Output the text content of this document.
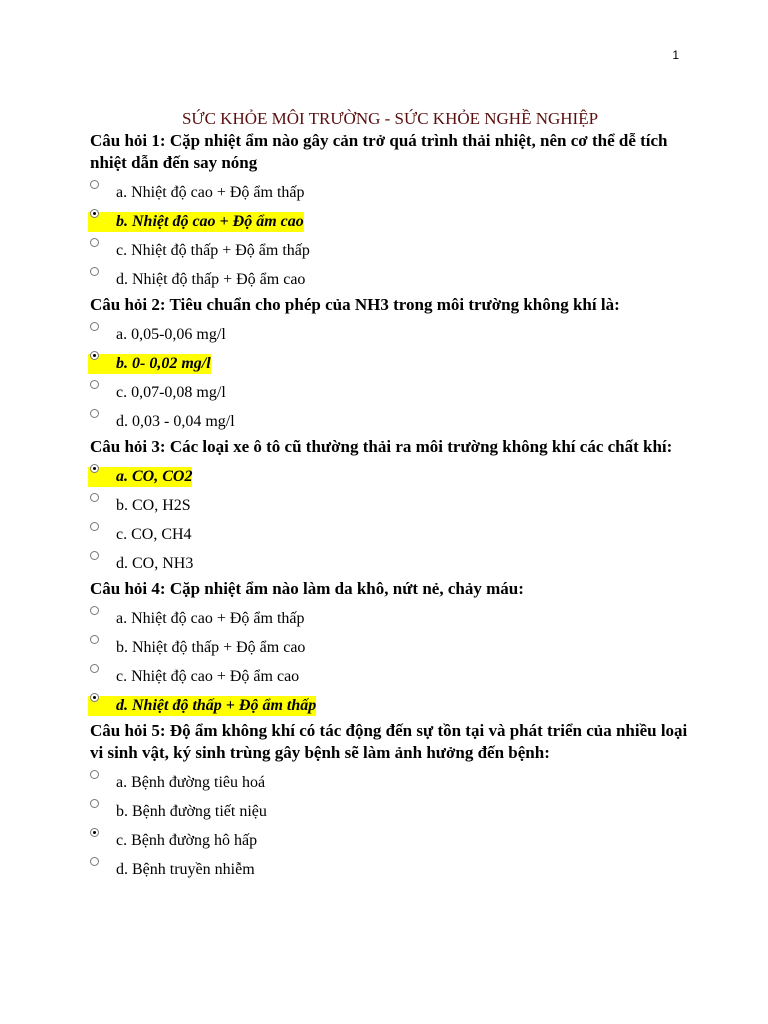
1
SỨC KHỎE MÔI TRƯỜNG - SỨC KHỎE NGHỀ NGHIỆP

Câu hỏi 1: Cặp nhiệt ẩm nào gây cản trở quá trình thải nhiệt, nên cơ thể dễ tích nhiệt dẫn đến say nóng

a. Nhiệt độ cao + Độ ẩm thấp
b. Nhiệt độ cao + Độ ẩm cao
c. Nhiệt độ thấp + Độ ẩm thấp
d. Nhiệt độ thấp + Độ ẩm cao

Câu hỏi 2: Tiêu chuẩn cho phép của NH3 trong môi trường không khí là:

a. 0,05-0,06 mg/l
b. 0- 0,02 mg/l
c. 0,07-0,08 mg/l
d. 0,03 - 0,04 mg/l

Câu hỏi 3: Các loại xe ô tô cũ thường thải ra môi trường không khí các chất khí:

a. CO, CO2
b. CO, H2S
c. CO, CH4
d. CO, NH3

Câu hỏi 4: Cặp nhiệt ẩm nào làm da khô, nứt nẻ, chảy máu:

a. Nhiệt độ cao + Độ ẩm thấp
b. Nhiệt độ thấp + Độ ẩm cao
c. Nhiệt độ cao + Độ ẩm cao
d. Nhiệt độ thấp + Độ ẩm thấp

Câu hỏi 5: Độ ẩm không khí có tác động đến sự tồn tại và phát triển của nhiều loại vi sinh vật, ký sinh trùng gây bệnh sẽ làm ảnh hưởng đến bệnh:

a. Bệnh đường tiêu hoá
b. Bệnh đường tiết niệu
c. Bệnh đường hô hấp
d. Bệnh truyền nhiễm
